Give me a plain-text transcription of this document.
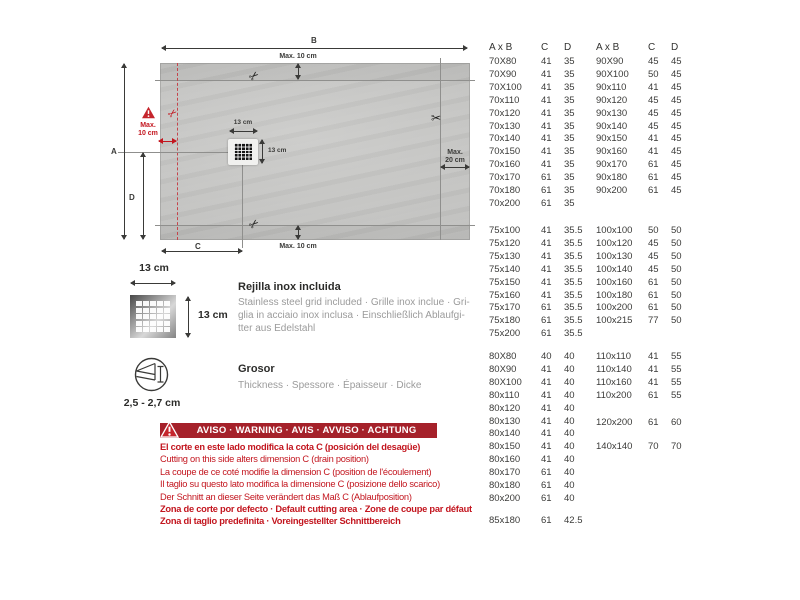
B
A
D
C
Max. 10 cm
Max. 10 cm
Max.
20 cm
✂
Max.
10 cm
13 cm
13 cm
✂
✂
✂
13 cm
13 cm
Rejilla inox incluida
Stainless steel grid included · Grille inox inclue · Gri-
glia in acciaio inox inclusa · Einschließlich Ablaufgi-
tter aus Edelstahl
2,5 - 2,7 cm
Grosor
Thickness · Spessore · Épaisseur · Dicke
AVISO · WARNING · AVIS · AVVISO · ACHTUNG
El corte en este lado modifica la cota C (posición del desagüe)
Cutting on this side alters dimension C (drain position)
La coupe de ce coté modifie la dimension C (position de l'écoulement)
Il taglio su questo lato modifica la dimensione C (posizione dello scarico)
Der Schnitt an dieser Seite verändert das Maß C (Ablaufposition)
Zona de corte por defecto · Default cutting area · Zone de coupe par défaut
Zona di taglio predefinita · Voreingestellter Schnittbereich
A x B	C	D
70X80	41	35
70X90	41	35
70X100	41	35
70x110	41	35
70x120	41	35
70x130	41	35
70x140	41	35
70x150	41	35
70x160	41	35
70x170	61	35
70x180	61	35
70x200	61	35
75x100	41	35.5
75x120	41	35.5
75x130	41	35.5
75x140	41	35.5
75x150	41	35.5
75x160	41	35.5
75x170	61	35.5
75x180	61	35.5
75x200	61	35.5
80X80	40	40
80X90	41	40
80X100	41	40
80x110	41	40
80x120	41	40
80x130	41	40
80x140	41	40
80x150	41	40
80x160	41	40
80x170	61	40
80x180	61	40
80x200	61	40
85x180	61	42.5
A x B	C	D
90X90	45	45
90X100	50	45
90x110	41	45
90x120	45	45
90x130	45	45
90x140	45	45
90x150	41	45
90x160	41	45
90x170	61	45
90x180	61	45
90x200	61	45
100x100	50	50
100x120	45	50
100x130	45	50
100x140	45	50
100x160	61	50
100x180	61	50
100x200	61	50
100x215	77	50
110x110	41	55
110x140	41	55
110x160	41	55
110x200	61	55
120x200	61	60
140x140	70	70
